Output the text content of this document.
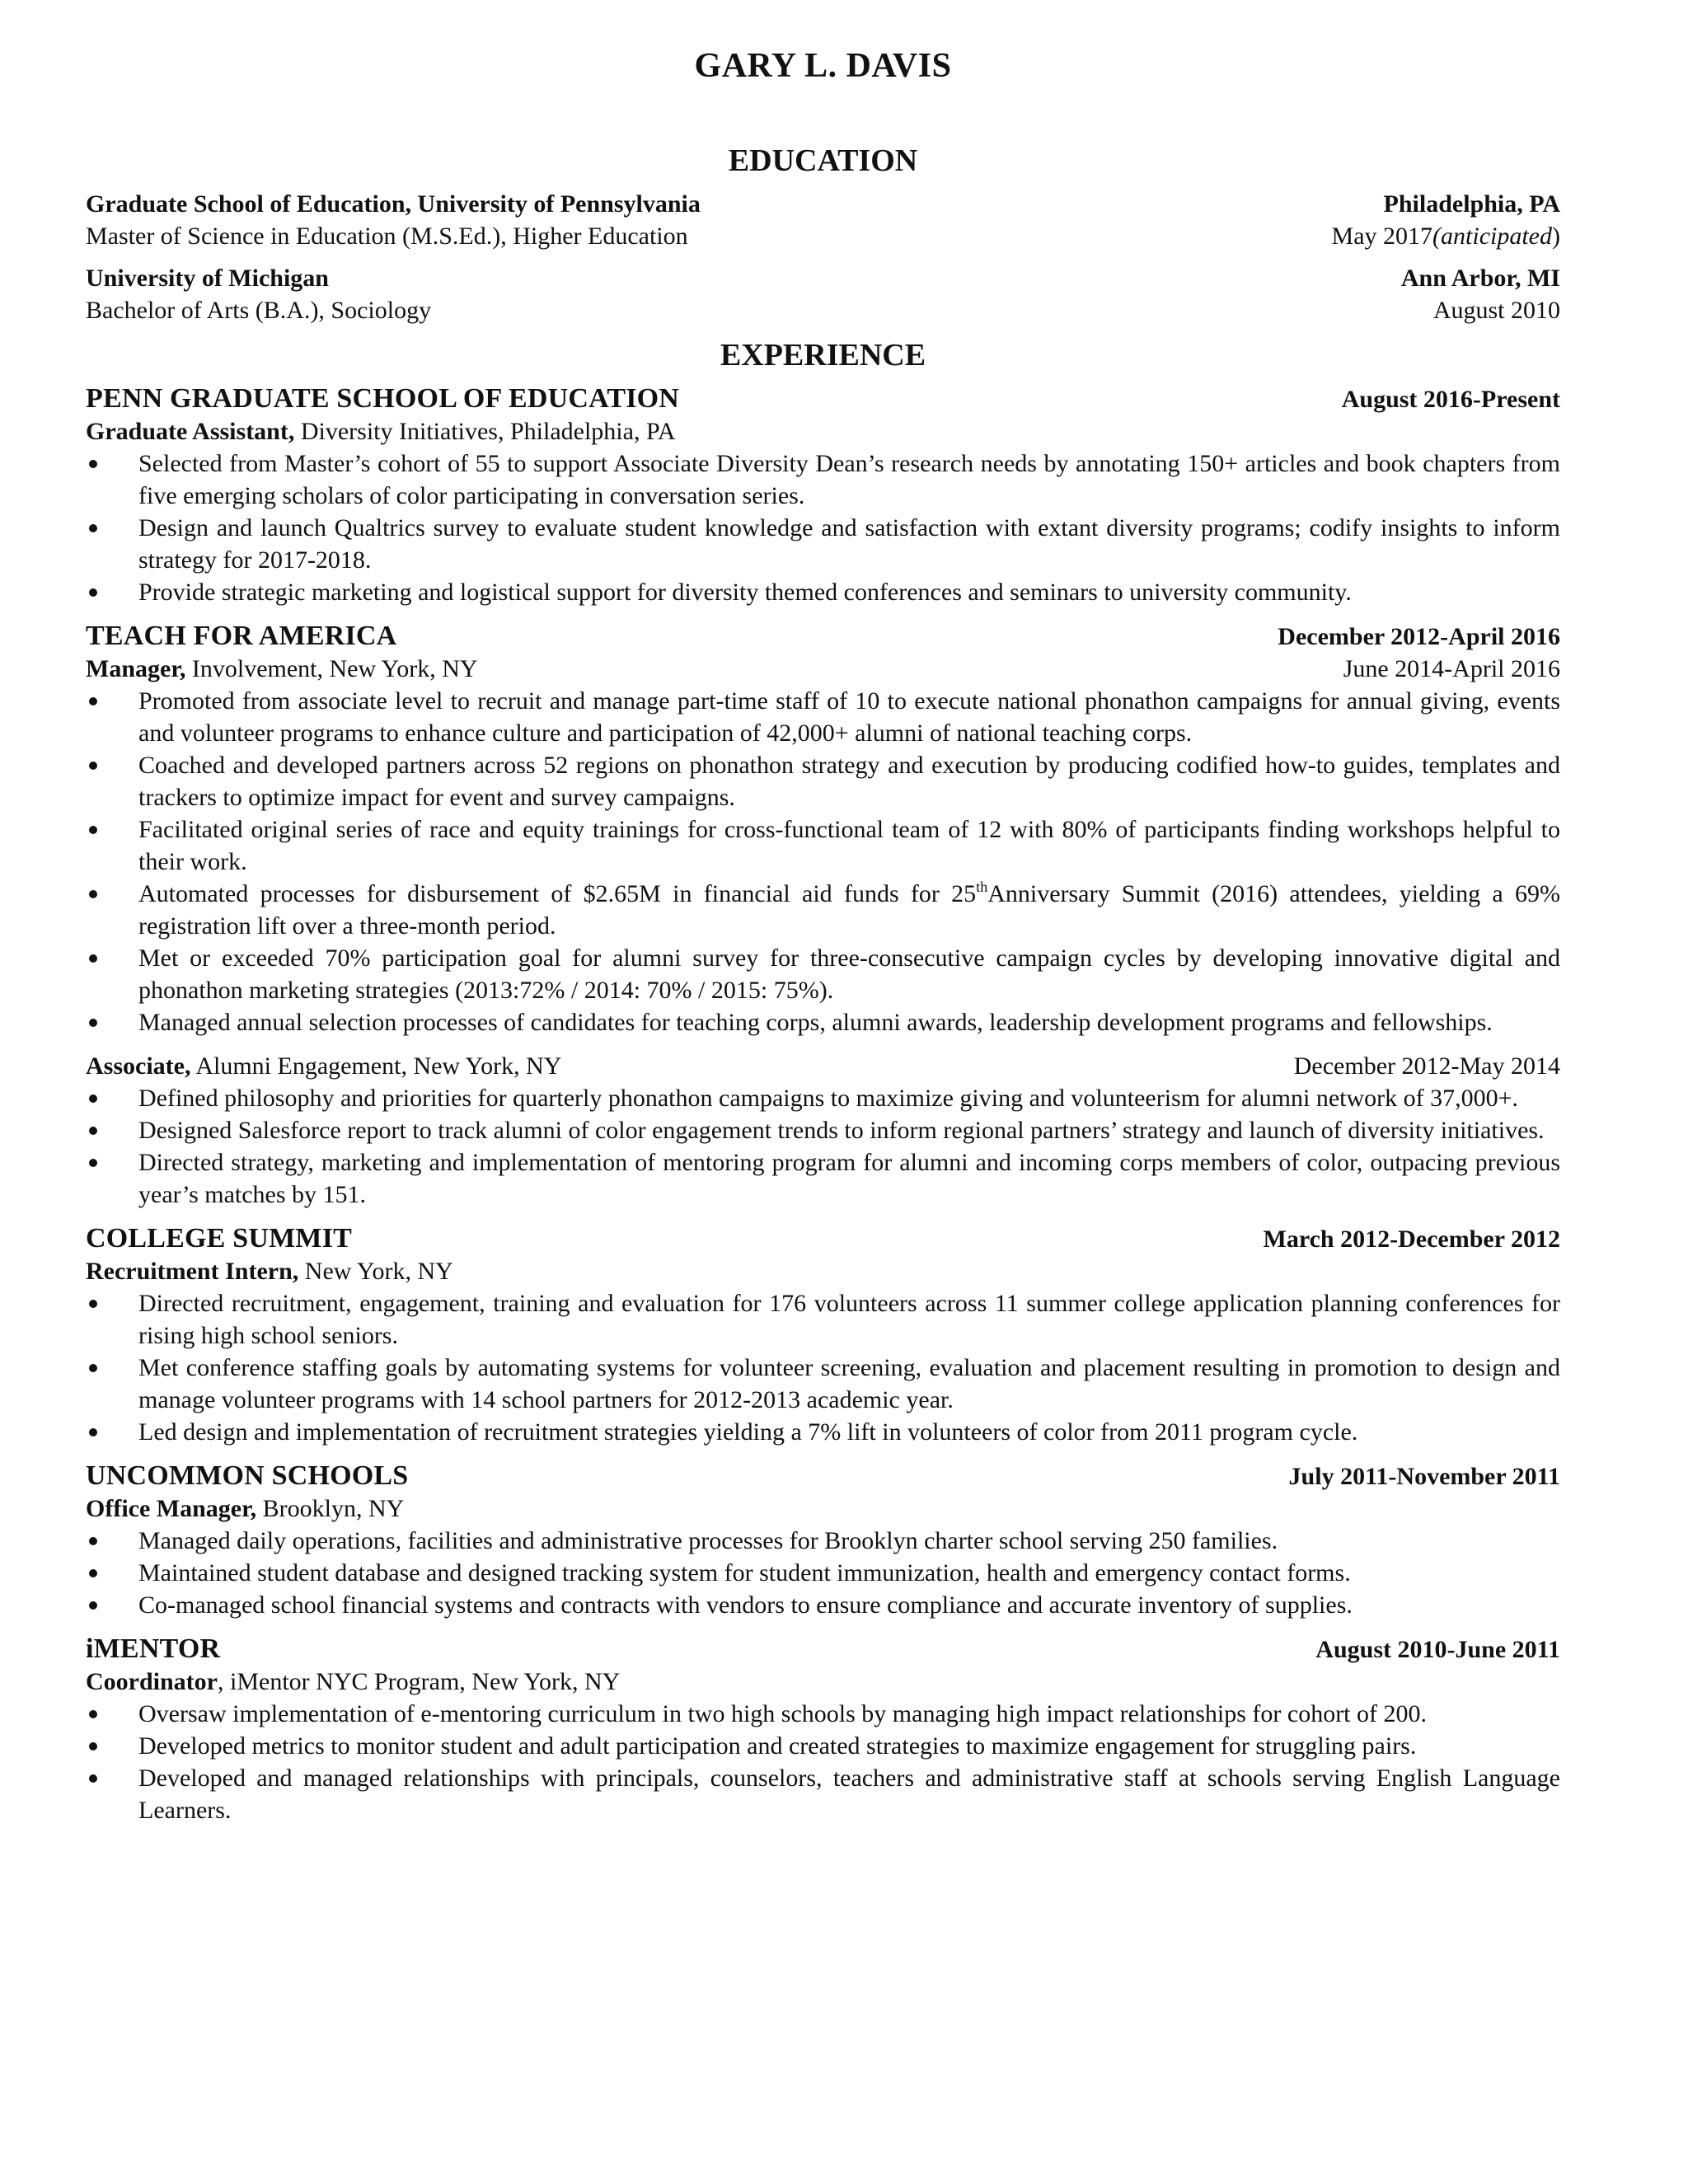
GARY L. DAVIS
EDUCATION
Graduate School of Education, University of Pennsylvania	Philadelphia, PA
Master of Science in Education (M.S.Ed.), Higher Education	May 2017(anticipated)
University of Michigan	Ann Arbor, MI
Bachelor of Arts (B.A.), Sociology	August 2010
EXPERIENCE
PENN GRADUATE SCHOOL OF EDUCATION	August 2016-Present
Graduate Assistant, Diversity Initiatives, Philadelphia, PA
Selected from Master’s cohort of 55 to support Associate Diversity Dean’s research needs by annotating 150+ articles and book chapters from five emerging scholars of color participating in conversation series.
Design and launch Qualtrics survey to evaluate student knowledge and satisfaction with extant diversity programs; codify insights to inform strategy for 2017-2018.
Provide strategic marketing and logistical support for diversity themed conferences and seminars to university community.
TEACH FOR AMERICA	December 2012-April 2016
Manager, Involvement, New York, NY	June 2014-April 2016
Promoted from associate level to recruit and manage part-time staff of 10 to execute national phonathon campaigns for annual giving, events and volunteer programs to enhance culture and participation of 42,000+ alumni of national teaching corps.
Coached and developed partners across 52 regions on phonathon strategy and execution by producing codified how-to guides, templates and trackers to optimize impact for event and survey campaigns.
Facilitated original series of race and equity trainings for cross-functional team of 12 with 80% of participants finding workshops helpful to their work.
Automated processes for disbursement of $2.65M in financial aid funds for 25thAnniversary Summit (2016) attendees, yielding a 69% registration lift over a three-month period.
Met or exceeded 70% participation goal for alumni survey for three-consecutive campaign cycles by developing innovative digital and phonathon marketing strategies (2013:72% / 2014: 70% / 2015: 75%).
Managed annual selection processes of candidates for teaching corps, alumni awards, leadership development programs and fellowships.
Associate, Alumni Engagement, New York, NY	December 2012-May 2014
Defined philosophy and priorities for quarterly phonathon campaigns to maximize giving and volunteerism for alumni network of 37,000+.
Designed Salesforce report to track alumni of color engagement trends to inform regional partners’ strategy and launch of diversity initiatives.
Directed strategy, marketing and implementation of mentoring program for alumni and incoming corps members of color, outpacing previous year’s matches by 151.
COLLEGE SUMMIT	March 2012-December 2012
Recruitment Intern, New York, NY
Directed recruitment, engagement, training and evaluation for 176 volunteers across 11 summer college application planning conferences for rising high school seniors.
Met conference staffing goals by automating systems for volunteer screening, evaluation and placement resulting in promotion to design and manage volunteer programs with 14 school partners for 2012-2013 academic year.
Led design and implementation of recruitment strategies yielding a 7% lift in volunteers of color from 2011 program cycle.
UNCOMMON SCHOOLS	July 2011-November 2011
Office Manager, Brooklyn, NY
Managed daily operations, facilities and administrative processes for Brooklyn charter school serving 250 families.
Maintained student database and designed tracking system for student immunization, health and emergency contact forms.
Co-managed school financial systems and contracts with vendors to ensure compliance and accurate inventory of supplies.
iMENTOR	August 2010-June 2011
Coordinator, iMentor NYC Program, New York, NY
Oversaw implementation of e-mentoring curriculum in two high schools by managing high impact relationships for cohort of 200.
Developed metrics to monitor student and adult participation and created strategies to maximize engagement for struggling pairs.
Developed and managed relationships with principals, counselors, teachers and administrative staff at schools serving English Language Learners.
